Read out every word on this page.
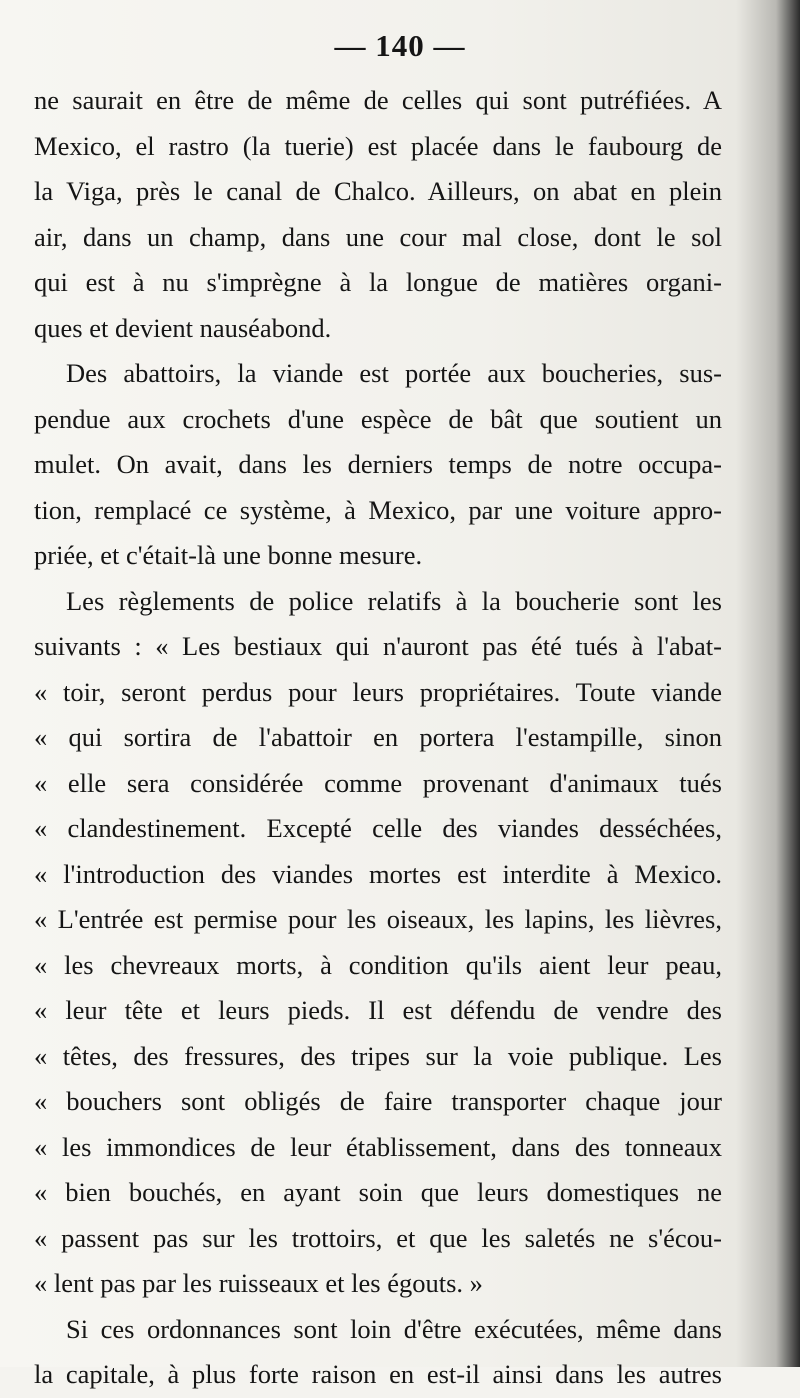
— 140 —
ne saurait en être de même de celles qui sont putréfiées. A
Mexico, el rastro (la tuerie) est placée dans le faubourg de
la Viga, près le canal de Chalco. Ailleurs, on abat en plein
air, dans un champ, dans une cour mal close, dont le sol
qui est à nu s'imprègne à la longue de matières organi-
ques et devient nauséabond.
Des abattoirs, la viande est portée aux boucheries, sus-
pendue aux crochets d'une espèce de bât que soutient un
mulet. On avait, dans les derniers temps de notre occupa-
tion, remplacé ce système, à Mexico, par une voiture appro-
priée, et c'était-là une bonne mesure.
Les règlements de police relatifs à la boucherie sont les
suivants : « Les bestiaux qui n'auront pas été tués à l'abat-
« toir, seront perdus pour leurs propriétaires. Toute viande
« qui sortira de l'abattoir en portera l'estampille, sinon
« elle sera considérée comme provenant d'animaux tués
« clandestinement. Excepté celle des viandes desséchées,
« l'introduction des viandes mortes est interdite à Mexico.
« L'entrée est permise pour les oiseaux, les lapins, les lièvres,
« les chevreaux morts, à condition qu'ils aient leur peau,
« leur tête et leurs pieds. Il est défendu de vendre des
« têtes, des fressures, des tripes sur la voie publique. Les
« bouchers sont obligés de faire transporter chaque jour
« les immondices de leur établissement, dans des tonneaux
« bien bouchés, en ayant soin que leurs domestiques ne
« passent pas sur les trottoirs, et que les saletés ne s'écou-
« lent pas par les ruisseaux et les égouts. »
Si ces ordonnances sont loin d'être exécutées, même dans
la capitale, à plus forte raison en est-il ainsi dans les autres
